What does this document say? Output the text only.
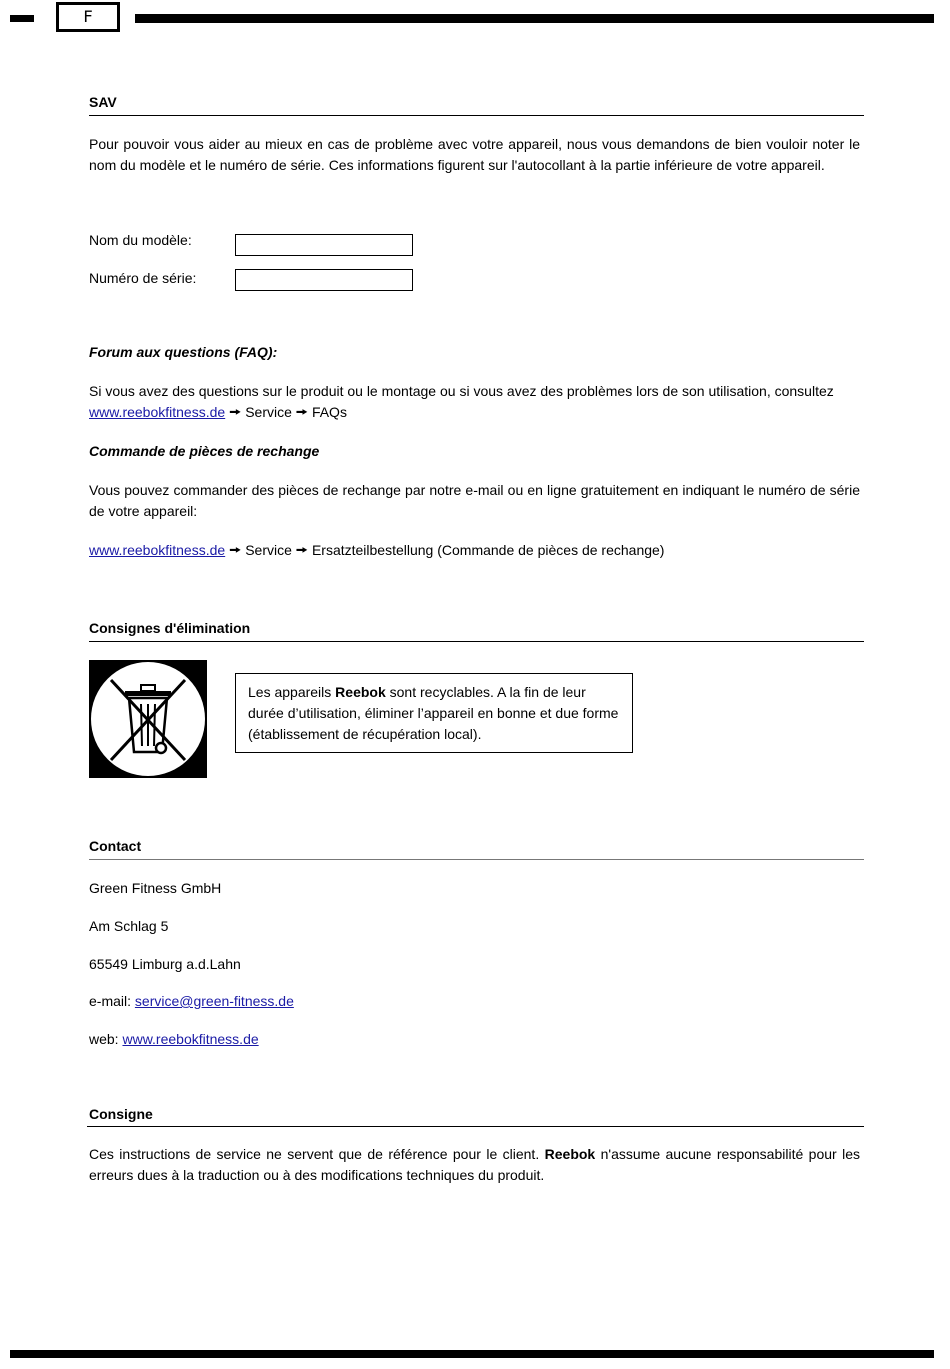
F
SAV
Pour pouvoir vous aider au mieux en cas de problème avec votre appareil, nous vous demandons de bien vouloir noter le nom du modèle et le numéro de série. Ces informations figurent sur l'autocollant à la partie inférieure de votre appareil.
Nom du modèle:
Numéro de série:
Forum aux questions (FAQ):
Si vous avez des questions sur le produit ou le montage ou si vous avez des problèmes lors de son utilisation, consultez
www.reebokfitness.de 🠚 Service 🠚 FAQs
Commande de pièces de rechange
Vous pouvez commander des pièces de rechange par notre e-mail ou en ligne gratuitement en indiquant le numéro de série de votre appareil:
www.reebokfitness.de 🠚 Service 🠚 Ersatzteilbestellung (Commande de pièces de rechange)
Consignes d'élimination
Les appareils Reebok sont recyclables. A la fin de leur durée d’utilisation, éliminer l’appareil en bonne et due forme (établissement de récupération local).
Contact
Green Fitness GmbH
Am Schlag 5
65549 Limburg a.d.Lahn
e-mail: service@green-fitness.de
web: www.reebokfitness.de
Consigne
Ces instructions de service ne servent que de référence pour le client. Reebok n'assume aucune responsabilité pour les erreurs dues à la traduction ou à des modifications techniques du produit.
